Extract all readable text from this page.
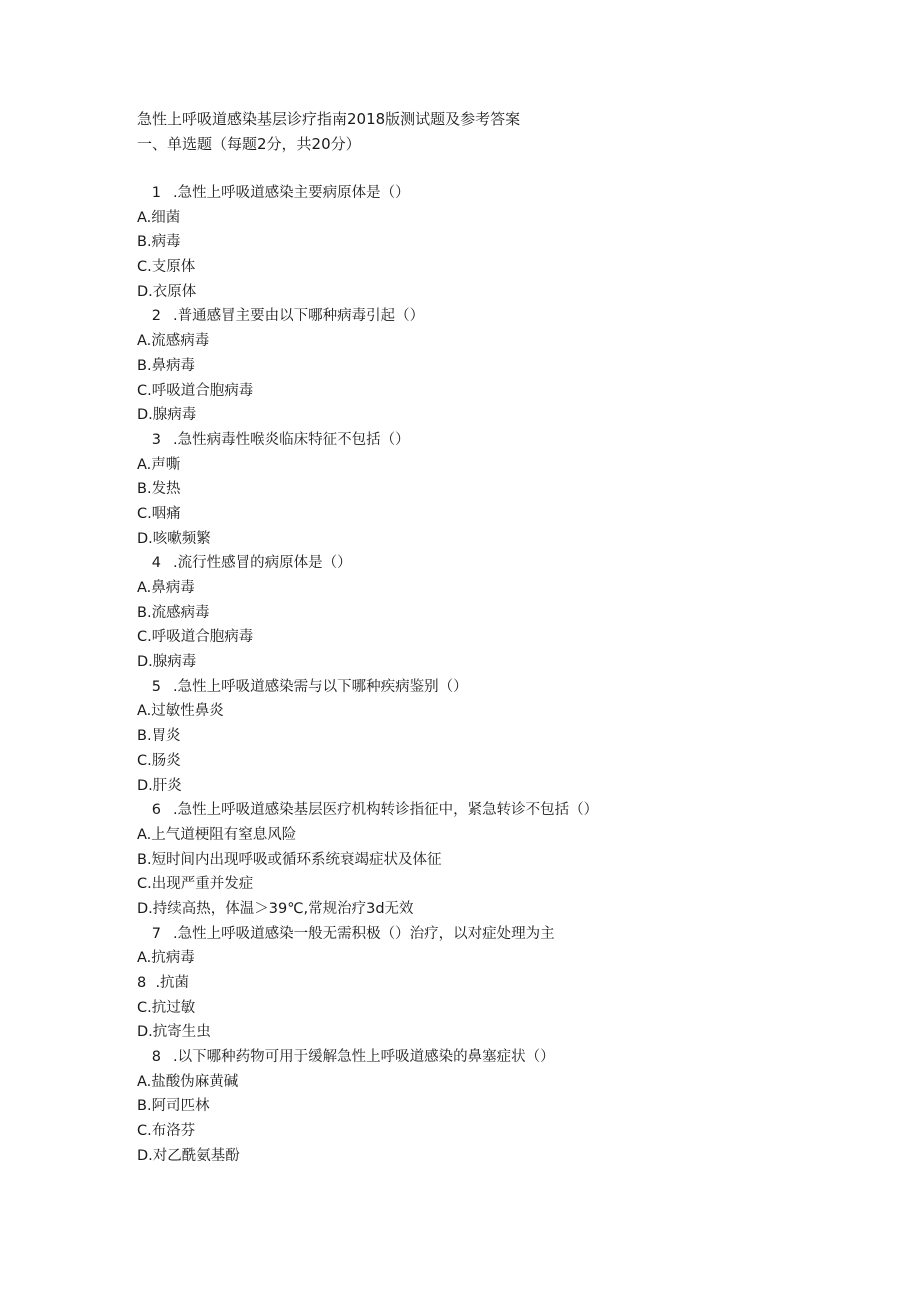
急性上呼吸道感染基层诊疗指南2018版测试题及参考答案
一、单选题（每题2分，共20分）
1 .急性上呼吸道感染主要病原体是（）
A.细菌
B.病毒
C.支原体
D.衣原体
2 .普通感冒主要由以下哪种病毒引起（）
A.流感病毒
B.鼻病毒
C.呼吸道合胞病毒
D.腺病毒
3 .急性病毒性喉炎临床特征不包括（）
A.声嘶
B.发热
C.咽痛
D.咳嗽频繁
4 .流行性感冒的病原体是（）
A.鼻病毒
B.流感病毒
C.呼吸道合胞病毒
D.腺病毒
5 .急性上呼吸道感染需与以下哪种疾病鉴别（）
A.过敏性鼻炎
B.胃炎
C.肠炎
D.肝炎
6 .急性上呼吸道感染基层医疗机构转诊指征中，紧急转诊不包括（）
A.上气道梗阻有窒息风险
B.短时间内出现呼吸或循环系统衰竭症状及体征
C.出现严重并发症
D.持续高热，体温＞39℃,常规治疗3d无效
7 .急性上呼吸道感染一般无需积极（）治疗，以对症处理为主
A.抗病毒
8  .抗菌
C.抗过敏
D.抗寄生虫
8 .以下哪种药物可用于缓解急性上呼吸道感染的鼻塞症状（）
A.盐酸伪麻黄碱
B.阿司匹林
C.布洛芬
D.对乙酰氨基酚
